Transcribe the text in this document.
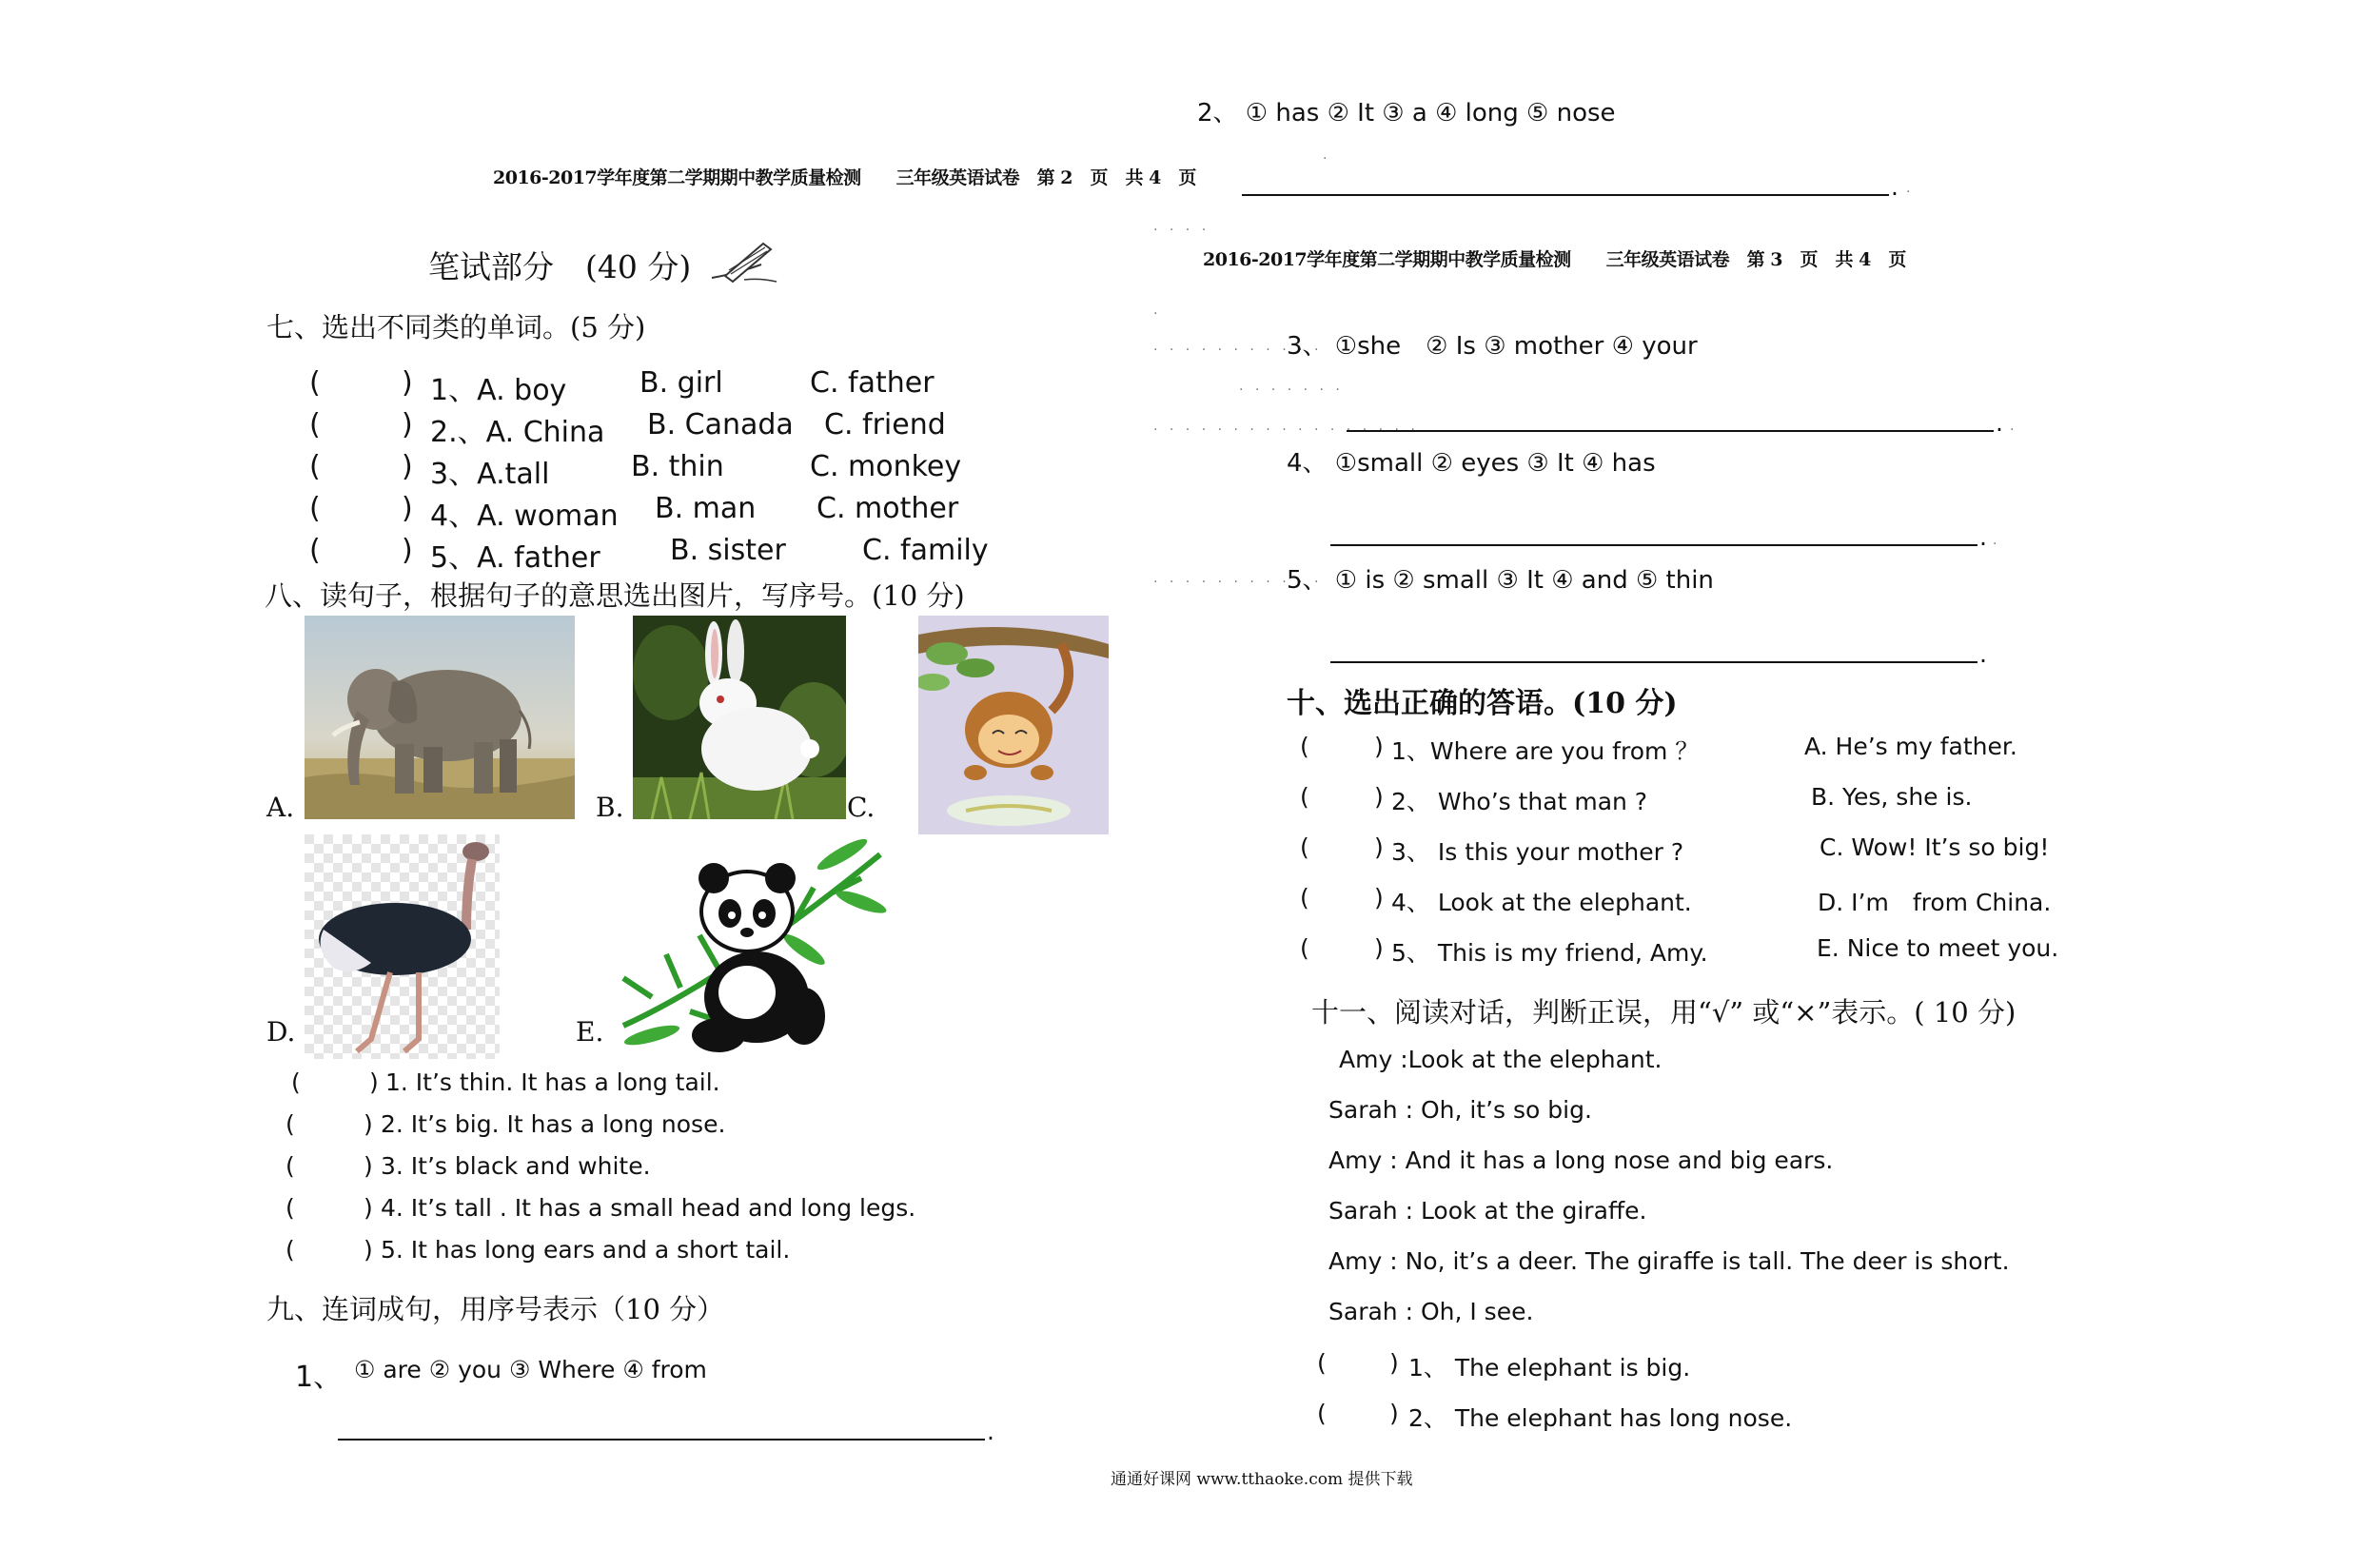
2016-2017学年度第二学期期中教学质量检测　　三年级英语试卷　第 2　页　共 4　页
笔试部分　(40 分)
七、选出不同类的单词。(5 分)
(	) 1、A. boy	B. girl	C. father
(	) 2.、A. China B. Canada C. friend
(	) 3、A.tall	B. thin	C. monkey
(	) 4、A. woman B. man C. mother
(	) 5、A. father B. sister	C. family
八、读句子，根据句子的意思选出图片，写序号。(10 分)
A.	B.	C.
D.	E.
(	) 1. It’s thin. It has a long tail.
(	) 2. It’s big. It has a long nose.
(	) 3. It’s black and white.
(	) 4. It’s tall . It has a small head and long legs.
(	) 5. It has long ears and a short tail.
九、连词成句，用序号表示（10 分）
1、 ① are ② you ③ Where ④ from
.
2、 ① has ② It ③ a ④ long ⑤ nose
.
. .
. . . .
2016-2017学年度第二学期期中教学质量检测　　三年级英语试卷　第 3　页　共 4　页
.
. . . . . . . . . . .
3、 ①she　② Is ③ mother ④ your
. . . . . . .
. . . . . . . . . . . . . . . . .	. .
4、 ①small ② eyes ③ It ④ has
. .
. . . . . . . . . . .
5、 ① is ② small ③ It ④ and ⑤ thin
.
十、选出正确的答语。(10 分)
(	) 1、Where are you from ？	A. He’s my father.
(	) 2、 Who’s that man ?	B. Yes, she is.
(	) 3、 Is this your mother ?	C. Wow! It’s so big!
(	) 4、 Look at the elephant.	D. I’m　from China.
(	) 5、 This is my friend, Amy.	E. Nice to meet you.
十一、阅读对话，判断正误，用“√” 或“×”表示。( 10 分)
Amy :Look at the elephant.
Sarah : Oh, it’s so big.
Amy : And it has a long nose and big ears.
Sarah : Look at the giraffe.
Amy : No, it’s a deer. The giraffe is tall. The deer is short.
Sarah : Oh, I see.
(	) 1、 The elephant is big.
(	) 2、 The elephant has long nose.
通通好课网 www.tthaoke.com 提供下载
